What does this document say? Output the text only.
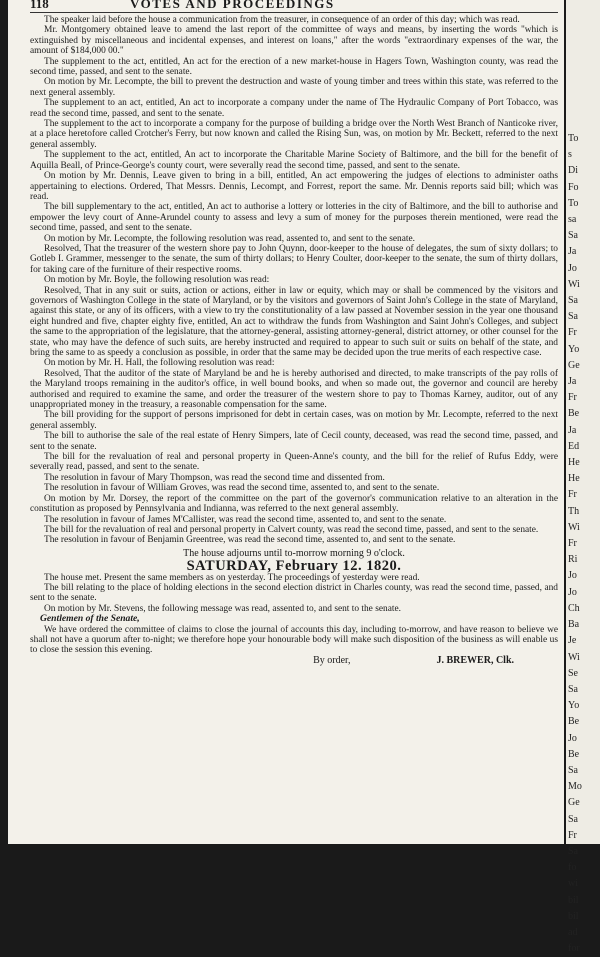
118	VOTES AND PROCEEDINGS

The speaker laid before the house a communication from the treasurer, in consequence of an order of this day; which was read.

Mr. Montgomery obtained leave to amend the last report of the committee of ways and means, by inserting the words "which is extinguished by miscellaneous and incidental expenses, and interest on loans," after the words "extraordinary expenses of the war, the amount of $184,000 00."

The supplement to the act, entitled, An act for the erection of a new market-house in Hagers Town, Washington county, was read the second time, passed, and sent to the senate.

On motion by Mr. Lecompte, the bill to prevent the destruction and waste of young timber and trees within this state, was referred to the next general assembly.

The supplement to an act, entitled, An act to incorporate a company under the name of The Hydraulic Company of Port Tobacco, was read the second time, passed, and sent to the senate.

The supplement to the act to incorporate a company for the purpose of building a bridge over the North West Branch of Nanticoke river, at a place heretofore called Crotcher's Ferry, but now known and called the Rising Sun, was, on motion by Mr. Beckett, referred to the next general assembly.

The supplement to the act, entitled, An act to incorporate the Charitable Marine Society of Baltimore, and the bill for the benefit of Aquilla Beall, of Prince-George's county court, were severally read the second time, passed, and sent to the senate.

On motion by Mr. Dennis, Leave given to bring in a bill, entitled, An act empowering the judges of elections to administer oaths appertaining to elections. Ordered, That Messrs. Dennis, Lecompt, and Forrest, report the same. Mr. Dennis reports said bill; which was read.

The bill supplementary to the act, entitled, An act to authorise a lottery or lotteries in the city of Baltimore, and the bill to authorise and empower the levy court of Anne-Arundel county to assess and levy a sum of money for the purposes therein mentioned, were read the second time, passed, and sent to the senate.

On motion by Mr. Lecompte, the following resolution was read, assented to, and sent to the senate.

Resolved, That the treasurer of the western shore pay to John Quynn, door-keeper to the house of delegates, the sum of sixty dollars; to Gotleb I. Grammer, messenger to the senate, the sum of thirty dollars; to Henry Coulter, door-keeper to the senate, the sum of thirty dollars, for taking care of the furniture of their respective rooms.

On motion by Mr. Boyle, the following resolution was read:

Resolved, That in any suit or suits, action or actions, either in law or equity, which may or shall be commenced by the visitors and governors of Washington College in the state of Maryland, or by the visitors and governors of Saint John's College in the state of Maryland, against this state, or any of its officers, with a view to try the constitutionality of a law passed at November session in the year one thousand eight hundred and five, chapter eighty five, entitled, An act to withdraw the funds from Washington and Saint John's Colleges, and subject the same to the appropriation of the legislature, that the attorney-general, assisting attorney-general, district attorney, or other counsel for the state, who may have the defence of such suits, are hereby instructed and required to appear to such suit or suits on behalf of the state, and bring the same to as speedy a conclusion as possible, in order that the same may be decided upon the true merits of each respective case.

On motion by Mr. H. Hall, the following resolution was read:

Resolved, That the auditor of the state of Maryland be and he is hereby authorised and directed, to make transcripts of the pay rolls of the Maryland troops remaining in the auditor's office, in well bound books, and when so made out, the governor and council are hereby authorised and required to examine the same, and order the treasurer of the western shore to pay to Thomas Karney, auditor, out of any unappropriated money in the treasury, a reasonable compensation for the same.

The bill providing for the support of persons imprisoned for debt in certain cases, was on motion by Mr. Lecompte, referred to the next general assembly.

The bill to authorise the sale of the real estate of Henry Simpers, late of Cecil county, deceased, was read the second time, passed, and sent to the senate.

The bill for the revaluation of real and personal property in Queen-Anne's county, and the bill for the relief of Rufus Eddy, were severally read, passed, and sent to the senate.

The resolution in favour of Mary Thompson, was read the second time and dissented from.

The resolution in favour of William Groves, was read the second time, assented to, and sent to the senate.

On motion by Mr. Dorsey, the report of the committee on the part of the governor's communication relative to an alteration in the constitution as proposed by Pennsylvania and Indianna, was referred to the next general assembly.

The resolution in favour of James M'Callister, was read the second time, assented to, and sent to the senate.

The bill for the revaluation of real and personal property in Calvert county, was read the second time, passed, and sent to the senate.

The resolution in favour of Benjamin Greentree, was read the second time, assented to, and sent to the senate.

The house adjourns until to-morrow morning 9 o'clock.
SATURDAY, February 12. 1820.

The house met. Present the same members as on yesterday. The proceedings of yesterday were read.

The bill relating to the place of holding elections in the second election district in Charles county, was read the second time, passed, and sent to the senate.

On motion by Mr. Stevens, the following message was read, assented to, and sent to the senate.

Gentlemen of the Senate,

We have ordered the committee of claims to close the journal of accounts this day, including to-morrow, and have reason to believe we shall not have a quorum after to-night; we therefore hope your honourable body will make such disposition of the business as will enable us to close the session this evening.

By order,	J. BREWER, Clk.
To
s
Di
Fo
To
sa
Sa
Ja
Jo
Wi
Sa
Sa
Fr
Yo
Ge
Ja
Fr
Be
Ja
Ed
He
He
Fr
Th
Wi
Fr
Ri
Jo
Jo
Ch
Ba
Je
Wi
Se
Sa
Yo
Be
Jo
Be
Sa
Mo
Ge
Sa
Fr
Sa
fo
wi
bil
bil
ad
for
